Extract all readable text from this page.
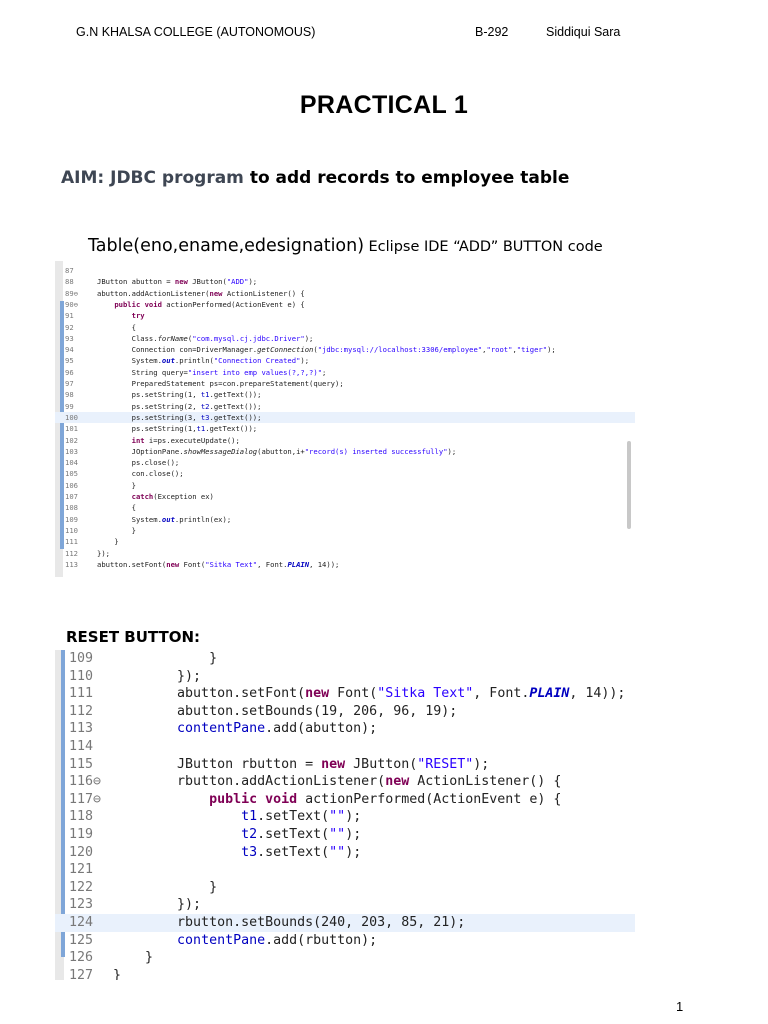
G.N KHALSA COLLEGE (AUTONOMOUS)	B-292	Siddiqui Sara
PRACTICAL 1
AIM: JDBC program to add records to employee table
Table(eno,ename,edesignation) Eclipse IDE “ADD” BUTTON code
87
88	JButton abutton = new JButton("ADD");
89⊖	abutton.addActionListener(new ActionListener() {
90⊖	public void actionPerformed(ActionEvent e) {
91	try
92	{
93	Class.forName("com.mysql.cj.jdbc.Driver");
94	Connection con=DriverManager.getConnection("jdbc:mysql://localhost:3306/employee","root","tiger");
95	System.out.println("Connection Created");
96	String query="insert into emp values(?,?,?)";
97	PreparedStatement ps=con.prepareStatement(query);
98	ps.setString(1, t1.getText());
99	ps.setString(2, t2.getText());
100	ps.setString(3, t3.getText());
101	ps.setString(1,t1.getText());
102	int i=ps.executeUpdate();
103	JOptionPane.showMessageDialog(abutton,i+"record(s) inserted successfully");
104	ps.close();
105	con.close();
106	}
107	catch(Exception ex)
108	{
109	System.out.println(ex);
110	}
111	}
112	});
113	abutton.setFont(new Font("Sitka Text", Font.PLAIN, 14));
RESET BUTTON:
109 }
110 });
111 abutton.setFont(new Font("Sitka Text", Font.PLAIN, 14));
112 abutton.setBounds(19, 206, 96, 19);
113	contentPane.add(abutton);
114
115 JButton rbutton = new JButton("RESET");
116⊖ rbutton.addActionListener(new ActionListener() {
117⊖	public void actionPerformed(ActionEvent e) {
118	t1.setText("");
119	t2.setText("");
120	t3.setText("");
121
122 }
123 });
124 rbutton.setBounds(240, 203, 85, 21);
125	contentPane.add(rbutton);
126 }
127 }
1
